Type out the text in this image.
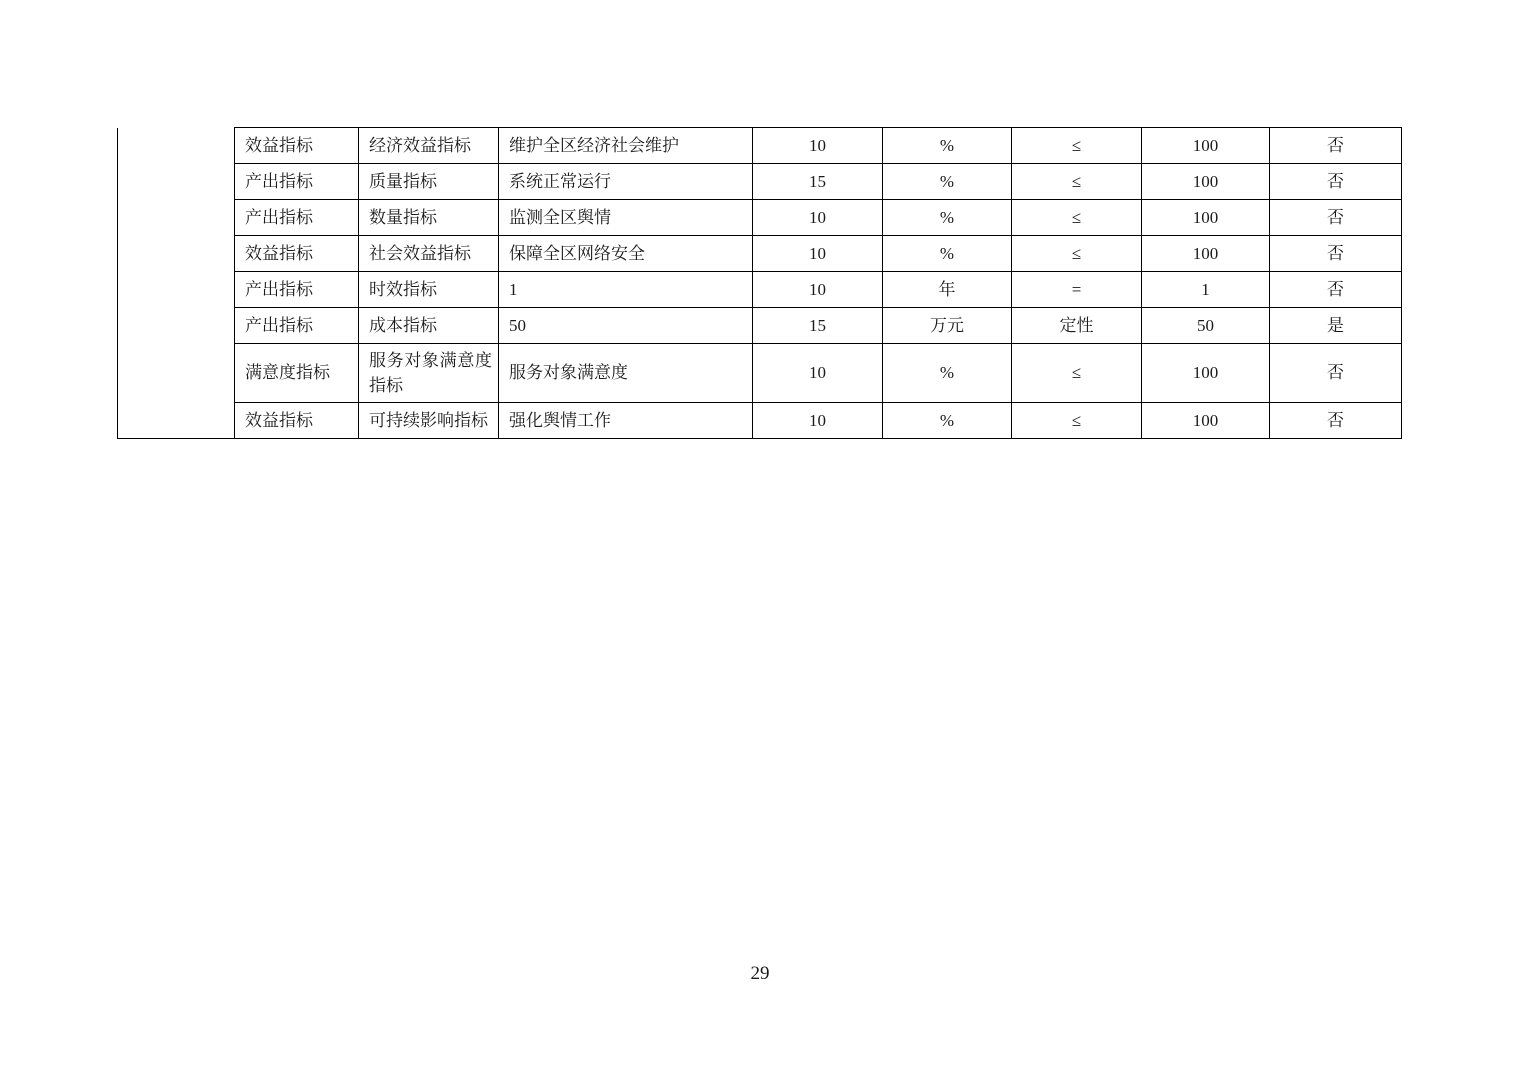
	效益指标	经济效益指标	维护全区经济社会维护	10	%	≤	100	否
	产出指标	质量指标	系统正常运行	15	%	≤	100	否
	产出指标	数量指标	监测全区舆情	10	%	≤	100	否
	效益指标	社会效益指标	保障全区网络安全	10	%	≤	100	否
	产出指标	时效指标	1	10	年	=	1	否
	产出指标	成本指标	50	15	万元	定性	50	是
	满意度指标	服务对象满意度指标	服务对象满意度	10	%	≤	100	否
	效益指标	可持续影响指标	强化舆情工作	10	%	≤	100	否
29
